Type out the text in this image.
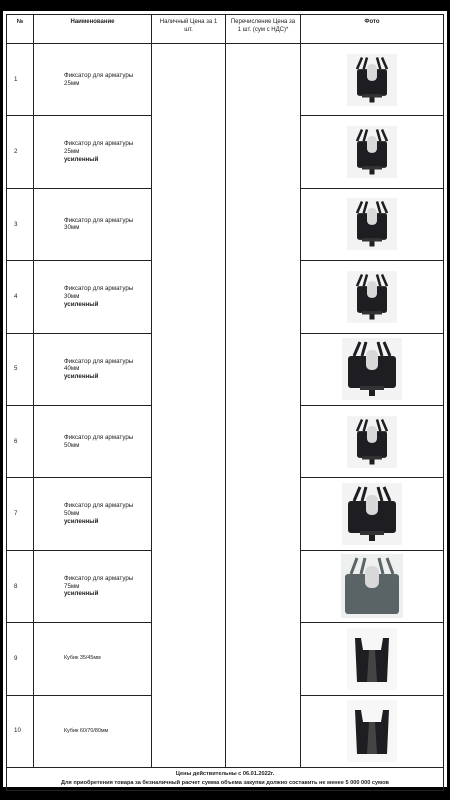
№	Наименование	Наличный Цена за 1 шт.	Перечисление Цена за 1 шт. (сум с НДС)*	Фото
1	Фиксатор для арматуры 25мм

2	Фиксатор для арматуры 25мм
усиленный

3	Фиксатор для арматуры 30мм

4	Фиксатор для арматуры 30мм
усиленный

5	Фиксатор для арматуры 40мм
усиленный

6	Фиксатор для арматуры 50мм

7	Фиксатор для арматуры 50мм
усиленный

8	Фиксатор для арматуры 75мм
усиленный

9	Кубик 35/45мм

10	Кубик 60/70/80мм

Цены действительны с 06.01.2022г.
Для приобретения товара за безналичный расчет сумма объема закупки должно составить не менее 5 000 000 сумов				
